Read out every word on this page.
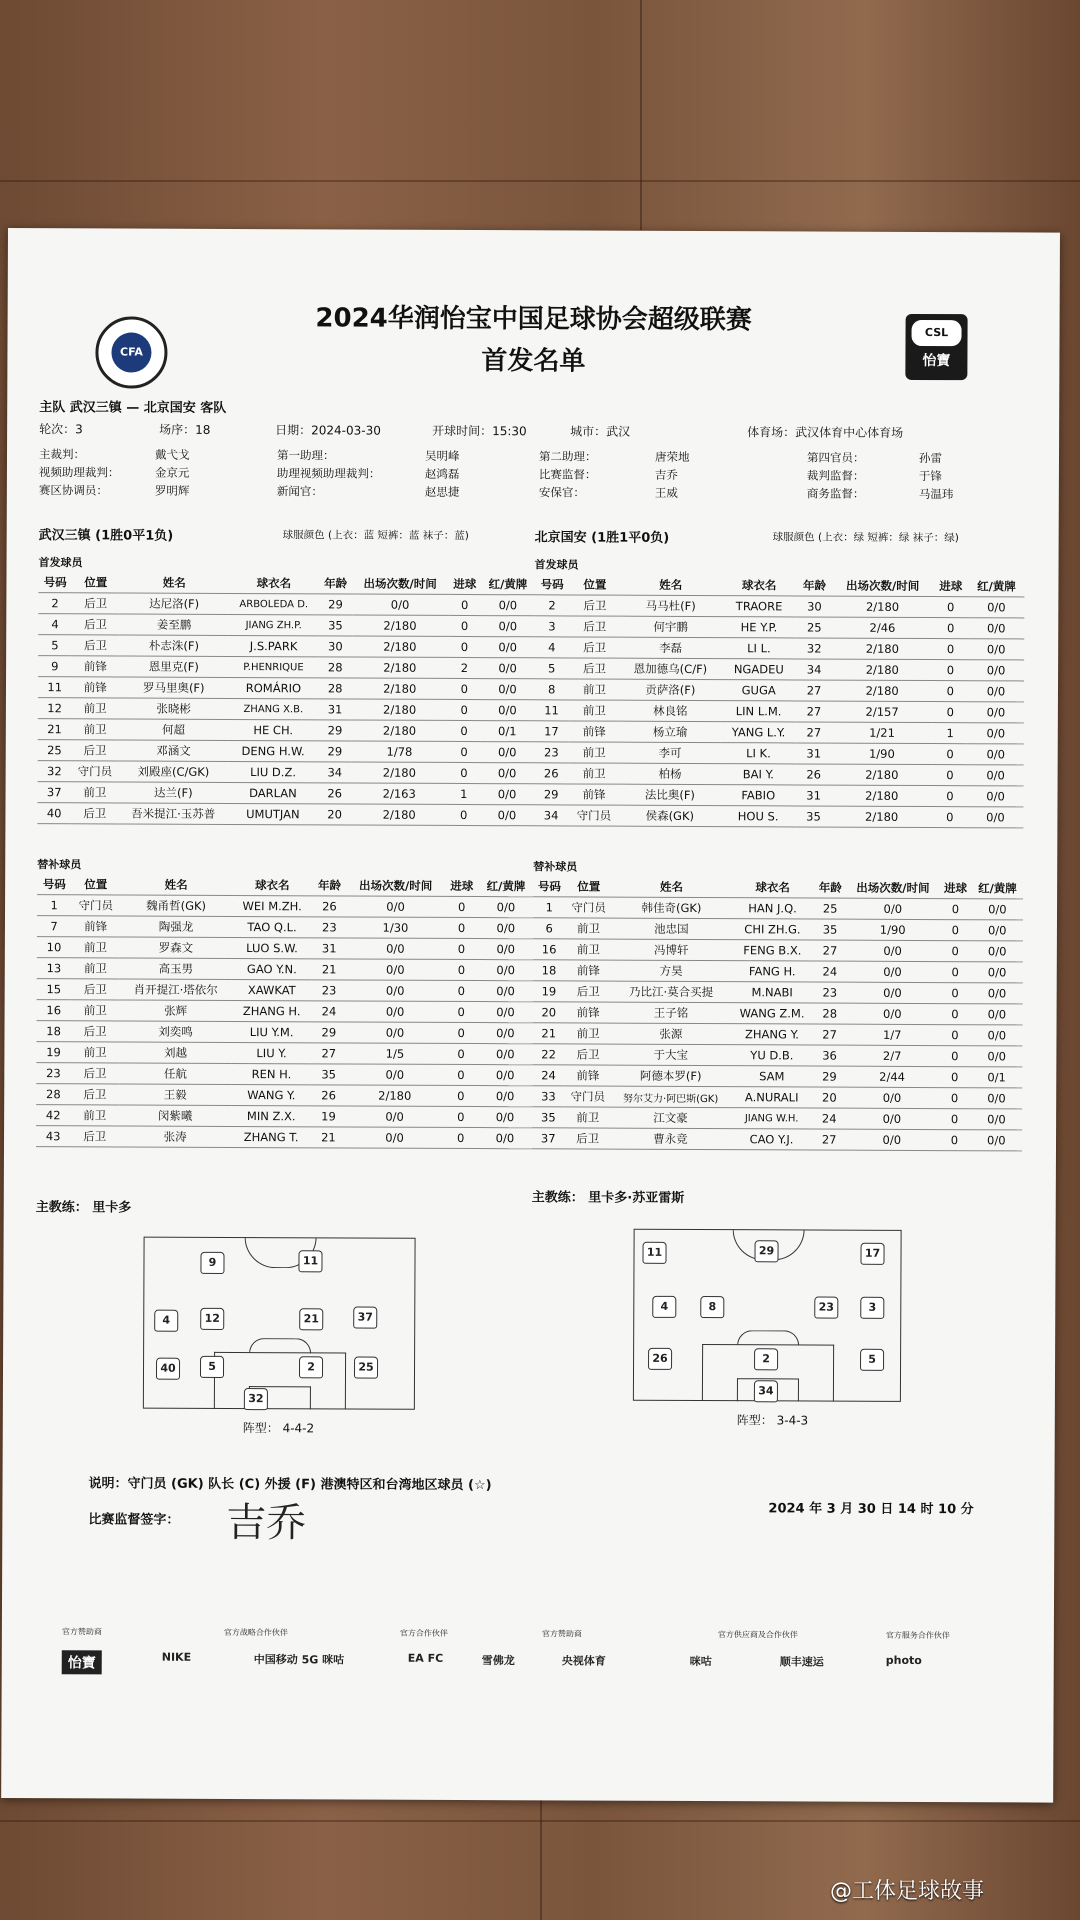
CFA
CSL
怡寶
2024华润怡宝中国足球协会超级联赛
首发名单
主队 武汉三镇 — 北京国安 客队
轮次：3	场序：18	日期：2024-03-30	开球时间：15:30	城市：武汉	体育场：武汉体育中心体育场
主裁判：	戴弋戈	第一助理：	吴明峰	第二助理：	唐荣地	第四官员：	孙雷
视频助理裁判：	金京元	助理视频助理裁判：	赵鸿磊	比赛监督：	吉乔	裁判监督：	于锋
赛区协调员：	罗明辉	新闻官：	赵思捷	安保官：	王威	商务监督：	马温玮
武汉三镇 (1胜0平1负)	球服颜色 (上衣：蓝 短裤：蓝 袜子：蓝)	北京国安 (1胜1平0负)	球服颜色 (上衣：绿 短裤：绿 袜子：绿)
首发球员	首发球员
号码	位置	姓名	球衣名	年龄	出场次数/时间	进球	红/黄牌
2	后卫	达尼洛(F)	ARBOLEDA D.	29	0/0	0	0/0
4	后卫	姜至鹏	JIANG ZH.P.	35	2/180	0	0/0
5	后卫	朴志洙(F)	J.S.PARK	30	2/180	0	0/0
9	前锋	恩里克(F)	P.HENRIQUE	28	2/180	2	0/0
11	前锋	罗马里奥(F)	ROMÁRIO	28	2/180	0	0/0
12	前卫	张晓彬	ZHANG X.B.	31	2/180	0	0/0
21	前卫	何超	HE CH.	29	2/180	0	0/1
25	后卫	邓涵文	DENG H.W.	29	1/78	0	0/0
32	守门员	刘殿座(C/GK)	LIU D.Z.	34	2/180	0	0/0
37	前卫	达兰(F)	DARLAN	26	2/163	1	0/0
40	后卫	吾米提江·玉苏普	UMUTJAN	20	2/180	0	0/0
号码	位置	姓名	球衣名	年龄	出场次数/时间	进球	红/黄牌
2	后卫	马马杜(F)	TRAORE	30	2/180	0	0/0
3	后卫	何宇鹏	HE Y.P.	25	2/46	0	0/0
4	后卫	李磊	LI L.	32	2/180	0	0/0
5	后卫	恩加德乌(C/F)	NGADEU	34	2/180	0	0/0
8	前卫	贡萨洛(F)	GUGA	27	2/180	0	0/0
11	前卫	林良铭	LIN L.M.	27	2/157	0	0/0
17	前锋	杨立瑜	YANG L.Y.	27	1/21	1	0/0
23	前卫	李可	LI K.	31	1/90	0	0/0
26	前卫	柏杨	BAI Y.	26	2/180	0	0/0
29	前锋	法比奥(F)	FABIO	31	2/180	0	0/0
34	守门员	侯森(GK)	HOU S.	35	2/180	0	0/0
替补球员	替补球员
号码	位置	姓名	球衣名	年龄	出场次数/时间	进球	红/黄牌
1	守门员	魏甬哲(GK)	WEI M.ZH.	26	0/0	0	0/0
7	前锋	陶强龙	TAO Q.L.	23	1/30	0	0/0
10	前卫	罗森文	LUO S.W.	31	0/0	0	0/0
13	前卫	高玉男	GAO Y.N.	21	0/0	0	0/0
15	后卫	肖开提江·塔依尔	XAWKAT	23	0/0	0	0/0
16	前卫	张辉	ZHANG H.	24	0/0	0	0/0
18	后卫	刘奕鸣	LIU Y.M.	29	0/0	0	0/0
19	前卫	刘越	LIU Y.	27	1/5	0	0/0
23	后卫	任航	REN H.	35	0/0	0	0/0
28	后卫	王毅	WANG Y.	26	2/180	0	0/0
42	前卫	闵紫曦	MIN Z.X.	19	0/0	0	0/0
43	后卫	张涛	ZHANG T.	21	0/0	0	0/0
号码	位置	姓名	球衣名	年龄	出场次数/时间	进球	红/黄牌
1	守门员	韩佳奇(GK)	HAN J.Q.	25	0/0	0	0/0
6	前卫	池忠国	CHI ZH.G.	35	1/90	0	0/0
16	前卫	冯博轩	FENG B.X.	27	0/0	0	0/0
18	前锋	方昊	FANG H.	24	0/0	0	0/0
19	后卫	乃比江·莫合买提	M.NABI	23	0/0	0	0/0
20	前锋	王子铭	WANG Z.M.	28	0/0	0	0/0
21	前卫	张源	ZHANG Y.	27	1/7	0	0/0
22	后卫	于大宝	YU D.B.	36	2/7	0	0/0
24	前锋	阿德本罗(F)	SAM	29	2/44	0	0/1
33	守门员	努尔艾力·阿巴斯(GK)	A.NURALI	20	0/0	0	0/0
35	前卫	江文豪	JIANG W.H.	24	0/0	0	0/0
37	后卫	曹永竞	CAO Y.J.	27	0/0	0	0/0
主教练： 里卡多
主教练： 里卡多·苏亚雷斯
9	11
4	12	21	37
40	5	2	25
32
阵型： 4-4-2
11	29	17
4	8	23	3
26	2	5
34
阵型： 3-4-3
说明：守门员 (GK) 队长 (C) 外援 (F) 港澳特区和台湾地区球员 (☆)
比赛监督签字： 吉乔	2024 年 3 月 30 日 14 时 10 分
官方赞助商	官方战略合作伙伴	官方合作伙伴	官方赞助商	官方供应商及合作伙伴	官方服务合作伙伴
怡寶	NIKE	中国移动 5G 咪咕	EA FC	雪佛龙	央视体育	咪咕	顺丰速运	photo
@工体足球故事
